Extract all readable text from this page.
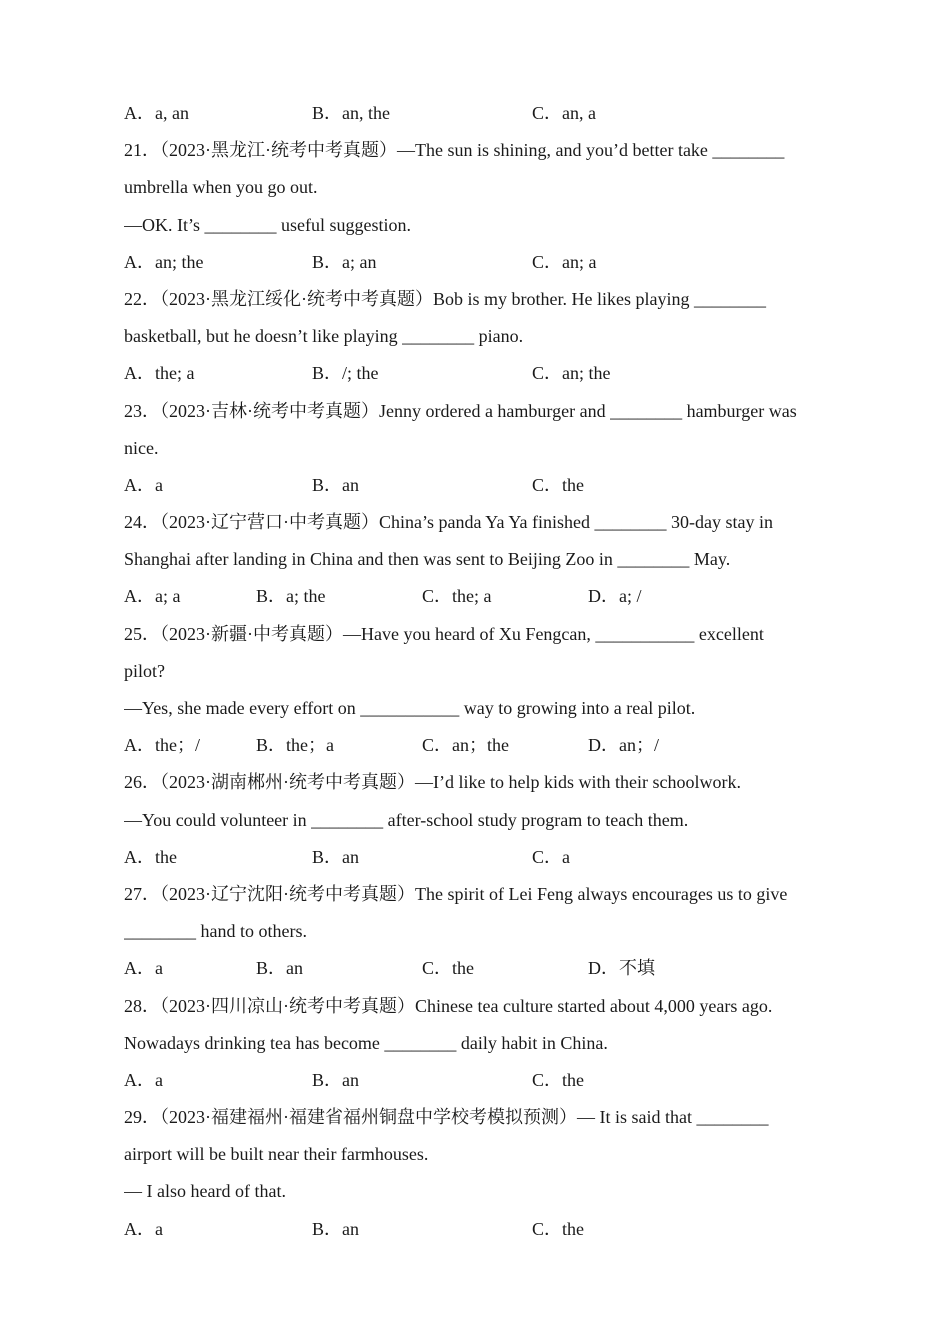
A．a, an	B．an, the	C．an, a
21．（2023·黑龙江·统考中考真题）—The sun is shining, and you’d better take ________
umbrella when you go out.
—OK. It’s ________ useful suggestion.
A．an; the	B．a; an	C．an; a
22．（2023·黑龙江绥化·统考中考真题）Bob is my brother. He likes playing ________
basketball, but he doesn’t like playing ________ piano.
A．the; a	B．/; the	C．an; the
23．（2023·吉林·统考中考真题）Jenny ordered a hamburger and ________ hamburger was
nice.
A．a	B．an	C．the
24．（2023·辽宁营口·中考真题）China’s panda Ya Ya finished ________ 30-day stay in
Shanghai after landing in China and then was sent to Beijing Zoo in ________ May.
A．a; a	B．a; the	C．the; a	D．a; /
25．（2023·新疆·中考真题）—Have you heard of Xu Fengcan, ___________ excellent
pilot?
—Yes, she made every effort on ___________ way to growing into a real pilot.
A．the；/	B．the；a	C．an；the	D．an；/
26．（2023·湖南郴州·统考中考真题）—I’d like to help kids with their schoolwork.
—You could volunteer in ________ after-school study program to teach them.
A．the	B．an	C．a
27．（2023·辽宁沈阳·统考中考真题）The spirit of Lei Feng always encourages us to give
________ hand to others.
A．a	B．an	C．the	D．不填
28．（2023·四川凉山·统考中考真题）Chinese tea culture started about 4,000 years ago.
Nowadays drinking tea has become ________ daily habit in China.
A．a	B．an	C．the
29．（2023·福建福州·福建省福州铜盘中学校考模拟预测）— It is said that ________
airport will be built near their farmhouses.
— I also heard of that.
A．a	B．an	C．the
